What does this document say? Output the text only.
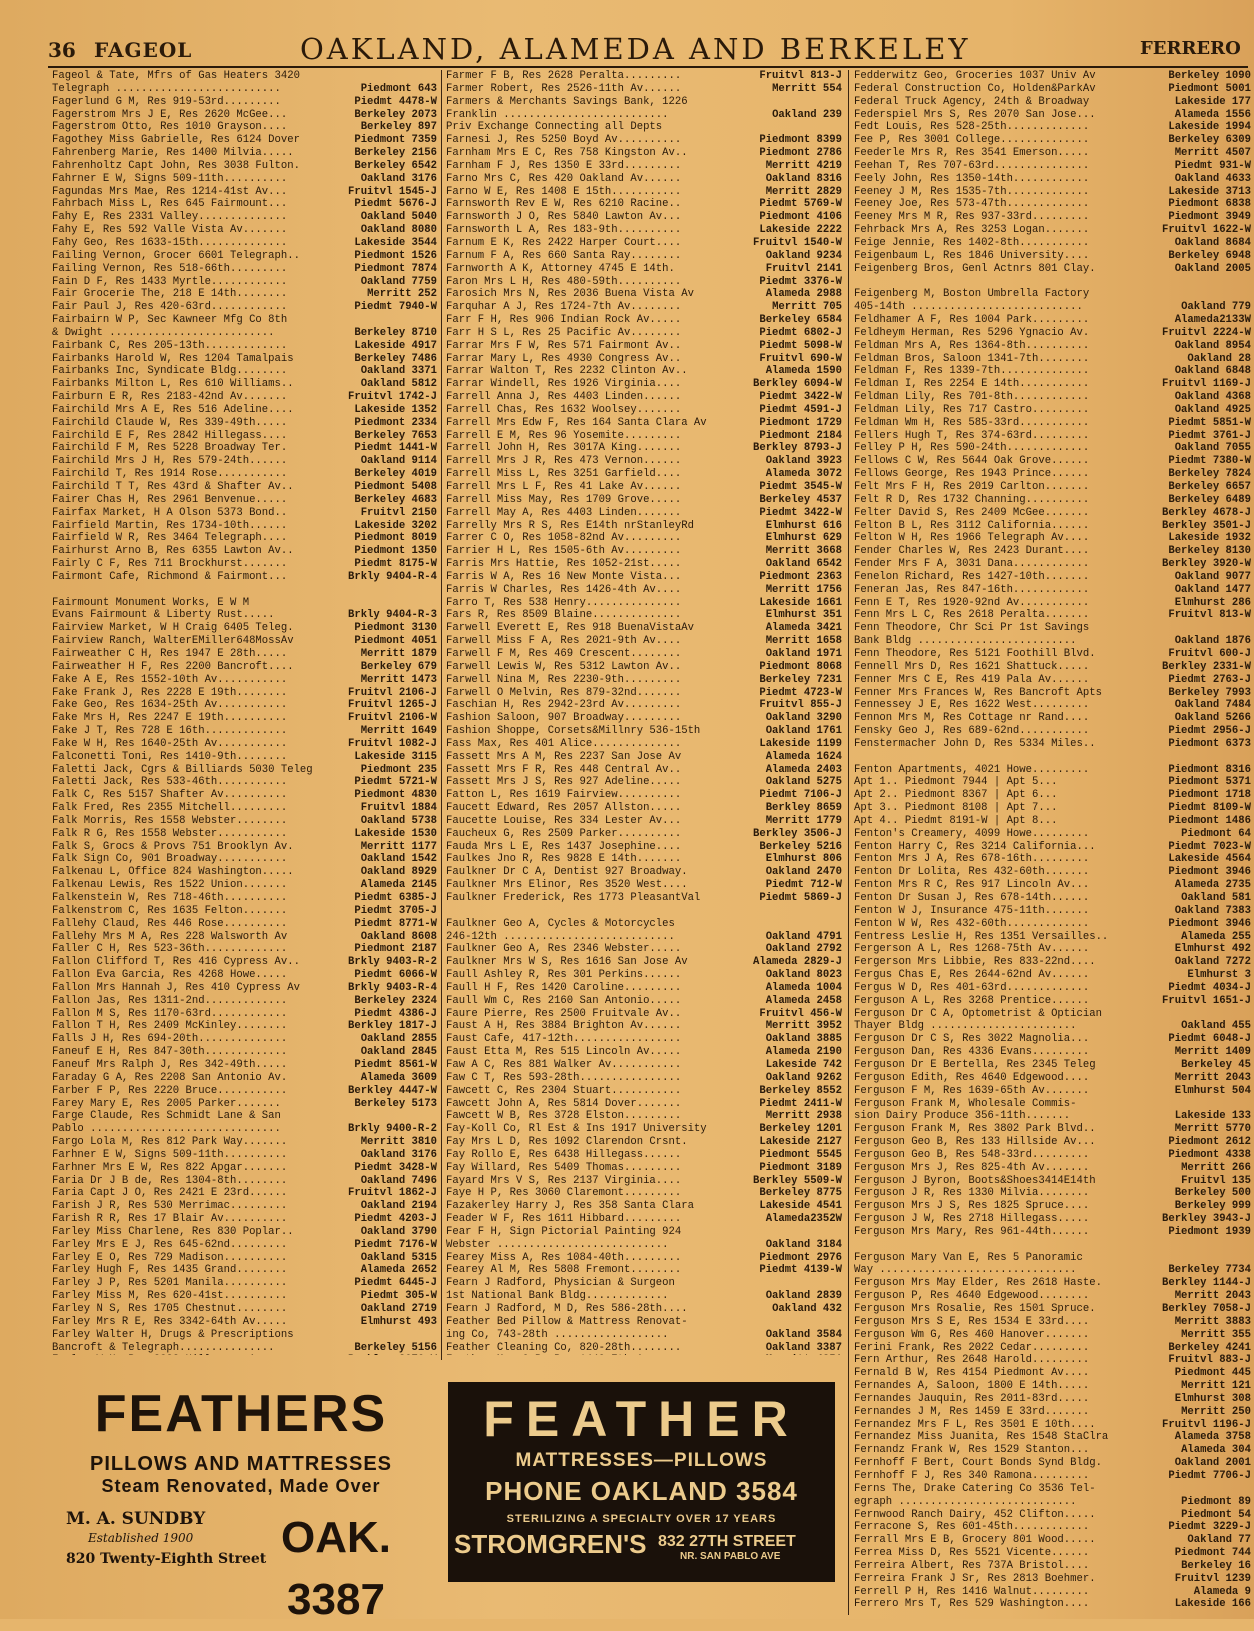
36 FAGEOL	OAKLAND, ALAMEDA AND BERKELEY	FERRERO
Fageol & Tate, Mfrs of Gas Heaters 3420
Telegraph ..........................	Piedmont 643
Fagerlund G M, Res 919-53rd.........	Piedmt 4478-W
Fagerstrom Mrs J E, Res 2620 McGee...	Berkeley 2073
Fagerstrom Otto, Res 1010 Grayson....	Berkeley 897
Fagothey Miss Gabrielle, Res 6124 Dover	Piedmont 7359
Fahrenberg Marie, Res 1400 Milvia.....	Berkeley 2156
Fahrenholtz Capt John, Res 3038 Fulton.	Berkeley 6542
Fahrner E W, Signs 509-11th..........	Oakland 3176
Fagundas Mrs Mae, Res 1214-41st Av...	Fruitvl 1545-J
Fahrbach Miss L, Res 645 Fairmount...	Piedmt 5676-J
Fahy E, Res 2331 Valley..............	Oakland 5040
Fahy E, Res 592 Valle Vista Av.......	Oakland 8080
Fahy Geo, Res 1633-15th..............	Lakeside 3544
Failing Vernon, Grocer 6601 Telegraph..	Piedmont 1526
Failing Vernon, Res 518-66th.........	Piedmont 7874
Fain D F, Res 1433 Myrtle............	Oakland 7759
Fair Grocerie The, 218 E 14th........	Merritt 252
Fair Paul J, Res 420-63rd............	Piedmt 7940-W
Fairbairn W P, Sec Kawneer Mfg Co 8th
& Dwight ..........................	Berkeley 8710
Fairbank C, Res 205-13th.............	Lakeside 4917
Fairbanks Harold W, Res 1204 Tamalpais	Berkeley 7486
Fairbanks Inc, Syndicate Bldg........	Oakland 3371
Fairbanks Milton L, Res 610 Williams..	Oakland 5812
Fairburn E R, Res 2183-42nd Av.......	Fruitvl 1742-J
Fairchild Mrs A E, Res 516 Adeline....	Lakeside 1352
Fairchild Claude W, Res 339-49th.....	Piedmont 2334
Fairchild E F, Res 2842 Hillegass....	Berkeley 7653
Fairchild F M, Res 5228 Broadway Ter.	Piedmt 1441-W
Fairchild Mrs J H, Res 579-24th......	Oakland 9114
Fairchild T, Res 1914 Rose...........	Berkeley 4019
Fairchild T T, Res 43rd & Shafter Av..	Piedmont 5408
Fairer Chas H, Res 2961 Benvenue.....	Berkeley 4683
Fairfax Market, H A Olson 5373 Bond..	Fruitvl 2150
Fairfield Martin, Res 1734-10th......	Lakeside 3202
Fairfield W R, Res 3464 Telegraph....	Piedmont 8019
Fairhurst Arno B, Res 6355 Lawton Av..	Piedmont 1350
Fairly C F, Res 711 Brockhurst.......	Piedmt 8175-W
Fairmont Cafe, Richmond & Fairmont...	Brkly 9404-R-4
Fairmount Monument Works, E W M
Evans Fairmount & Liberty Rust.....	Brkly 9404-R-3
Fairview Market, W H Craig 6405 Teleg.	Piedmont 3130
Fairview Ranch, WalterEMiller648MossAv	Piedmont 4051
Fairweather C H, Res 1947 E 28th.....	Merritt 1879
Fairweather H F, Res 2200 Bancroft....	Berkeley 679
Fake A E, Res 1552-10th Av...........	Merritt 1473
Fake Frank J, Res 2228 E 19th........	Fruitvl 2106-J
Fake Geo, Res 1634-25th Av...........	Fruitvl 1265-J
Fake Mrs H, Res 2247 E 19th..........	Fruitvl 2106-W
Fake J T, Res 728 E 16th.............	Merritt 1649
Fake W H, Res 1640-25th Av...........	Fruitvl 1082-J
Falconetti Toni, Res 1410-9th........	Lakeside 3115
Faletti Jack, Cgrs & Billiards 5030 Teleg	Piedmont 235
Faletti Jack, Res 533-46th...........	Piedmt 5721-W
Falk C, Res 5157 Shafter Av..........	Piedmont 4830
Falk Fred, Res 2355 Mitchell.........	Fruitvl 1884
Falk Morris, Res 1558 Webster........	Oakland 5738
Falk R G, Res 1558 Webster...........	Lakeside 1530
Falk S, Grocs & Provs 751 Brooklyn Av.	Merritt 1177
Falk Sign Co, 901 Broadway...........	Oakland 1542
Falkenau L, Office 824 Washington.....	Oakland 8929
Falkenau Lewis, Res 1522 Union.......	Alameda 2145
Falkenstein W, Res 718-46th..........	Piedmt 6385-J
Falkenstrom C, Res 1635 Felton.......	Piedmt 3705-J
Fallehy Claud, Res 446 Rose..........	Piedmt 8771-W
Fallehy Mrs M A, Res 228 Walsworth Av	Oakland 8608
Faller C H, Res 523-36th.............	Piedmont 2187
Fallon Clifford T, Res 416 Cypress Av..	Brkly 9403-R-2
Fallon Eva Garcia, Res 4268 Howe.....	Piedmt 6066-W
Fallon Mrs Hannah J, Res 410 Cypress Av	Brkly 9403-R-4
Fallon Jas, Res 1311-2nd.............	Berkeley 2324
Fallon M S, Res 1170-63rd............	Piedmt 4386-J
Fallon T H, Res 2409 McKinley........	Berkley 1817-J
Falls J H, Res 694-20th..............	Oakland 2855
Faneuf E H, Res 847-30th.............	Oakland 2845
Faneuf Mrs Ralph J, Res 342-49th.....	Piedmt 8561-W
Faraday G A, Res 2208 San Antonio Av.	Alameda 3609
Farber F P, Res 2220 Bruce...........	Berkley 4447-W
Farey Mary E, Res 2005 Parker.......	Berkeley 5173
Farge Claude, Res Schmidt Lane & San
Pablo ..............................	Brkly 9400-R-2
Fargo Lola M, Res 812 Park Way.......	Merritt 3810
Farhner E W, Signs 509-11th..........	Oakland 3176
Farhner Mrs E W, Res 822 Apgar.......	Piedmt 3428-W
Faria Dr J B de, Res 1304-8th........	Oakland 7496
Faria Capt J O, Res 2421 E 23rd......	Fruitvl 1862-J
Farish J R, Res 530 Merrimac.........	Oakland 2194
Farish R R, Res 17 Blair Av..........	Piedmt 4203-J
Farley Miss Charlene, Res 830 Poplar..	Oakland 3790
Farley Mrs E J, Res 645-62nd.........	Piedmt 7176-W
Farley E O, Res 729 Madison..........	Oakland 5315
Farley Hugh F, Res 1435 Grand........	Alameda 2652
Farley J P, Res 5201 Manila..........	Piedmt 6445-J
Farley Miss M, Res 620-41st..........	Piedmt 305-W
Farley N S, Res 1705 Chestnut........	Oakland 2719
Farley Mrs R E, Res 3342-64th Av.....	Elmhurst 493
Farley Walter H, Drugs & Prescriptions
Bancroft & Telegraph...............	Berkeley 5156
Farmer F B, Res 2628 Peralta.........	Fruitvl 813-J
Farmer Robert, Res 2526-11th Av......	Merritt 554
Farmers & Merchants Savings Bank, 1226
Franklin ..........................	Oakland 239
Priv Exchange Connecting all Depts
Farnesi J, Res 5250 Boyd Av..........	Piedmont 8399
Farnham Mrs E C, Res 758 Kingston Av..	Piedmont 2786
Farnham F J, Res 1350 E 33rd.........	Merritt 4219
Farno Mrs C, Res 420 Oakland Av......	Oakland 8316
Farno W E, Res 1408 E 15th...........	Merritt 2829
Farnsworth Rev E W, Res 6210 Racine..	Piedmt 5769-W
Farnsworth J O, Res 5840 Lawton Av...	Piedmont 4106
Farnsworth L A, Res 183-9th..........	Lakeside 2222
Farnum E K, Res 2422 Harper Court....	Fruitvl 1540-W
Farnum F A, Res 660 Santa Ray........	Oakland 9234
Farnworth A K, Attorney 4745 E 14th.	Fruitvl 2141
Faron Mrs L H, Res 480-59th..........	Piedmt 3376-W
Farosich Mrs N, Res 2036 Buena Vista Av	Alameda 2988
Farquhar A J, Res 1724-7th Av........	Merritt 705
Farr F H, Res 906 Indian Rock Av.....	Berkeley 6584
Farr H S L, Res 25 Pacific Av........	Piedmt 6802-J
Farrar Mrs F W, Res 571 Fairmont Av..	Piedmt 5098-W
Farrar Mary L, Res 4930 Congress Av..	Fruitvl 690-W
Farrar Walton T, Res 2232 Clinton Av..	Alameda 1590
Farrar Windell, Res 1926 Virginia....	Berkley 6094-W
Farrell Anna J, Res 4403 Linden......	Piedmt 3422-W
Farrell Chas, Res 1632 Woolsey.......	Piedmt 4591-J
Farrell Mrs Edw F, Res 164 Santa Clara Av	Piedmont 1729
Farrell E M, Res 96 Yosemite.........	Piedmont 2184
Farrell John H, Res 3017A King.......	Berkley 8793-J
Farrell Mrs J R, Res 473 Vernon......	Oakland 3923
Farrell Miss L, Res 3251 Garfield....	Alameda 3072
Farrell Mrs L F, Res 41 Lake Av......	Piedmt 3545-W
Farrell Miss May, Res 1709 Grove.....	Berkeley 4537
Farrell May A, Res 4403 Linden.......	Piedmt 3422-W
Farrelly Mrs R S, Res E14th nrStanleyRd	Elmhurst 616
Farrer C O, Res 1058-82nd Av.........	Elmhurst 629
Farrier H L, Res 1505-6th Av.........	Merritt 3668
Farris Mrs Hattie, Res 1052-21st.....	Oakland 6542
Farris W A, Res 16 New Monte Vista...	Piedmont 2363
Farris W Charles, Res 1426-4th Av....	Merritt 1756
Farro T, Res 538 Henry...............	Lakeside 1661
Fars R, Res 8509 Blaine..............	Elmhurst 351
Farwell Everett E, Res 918 BuenaVistaAv	Alameda 3421
Farwell Miss F A, Res 2021-9th Av....	Merritt 1658
Farwell F M, Res 469 Crescent........	Oakland 1971
Farwell Lewis W, Res 5312 Lawton Av..	Piedmont 8068
Farwell Nina M, Res 2230-9th.........	Berkeley 7231
Farwell O Melvin, Res 879-32nd.......	Piedmt 4723-W
Faschian H, Res 2942-23rd Av.........	Fruitvl 855-J
Fashion Saloon, 907 Broadway.........	Oakland 3290
Fashion Shoppe, Corsets&Millnry 536-15th	Oakland 1761
Fass Max, Res 401 Alice..............	Lakeside 1199
Fassett Mrs A M, Res 2237 San Jose Av	Alameda 1624
Fassett Mrs F R, Res 448 Central Av..	Alameda 2403
Fassett Mrs J S, Res 927 Adeline.....	Oakland 5275
Fatton L, Res 1619 Fairview..........	Piedmt 7106-J
Faucett Edward, Res 2057 Allston.....	Berkley 8659
Faucette Louise, Res 334 Lester Av...	Merritt 1779
Faucheux G, Res 2509 Parker..........	Berkley 3506-J
Fauda Mrs L E, Res 1437 Josephine....	Berkeley 5216
Faulkes Jno R, Res 9828 E 14th.......	Elmhurst 806
Faulkner Dr C A, Dentist 927 Broadway.	Oakland 2470
Faulkner Mrs Elinor, Res 3520 West....	Piedmt 712-W
Faulkner Frederick, Res 1773 PleasantVal	Piedmt 5869-J
Faulkner Geo A, Cycles & Motorcycles
246-12th ...........................	Oakland 4791
Faulkner Geo A, Res 2346 Webster.....	Oakland 2792
Faulkner Mrs W S, Res 1616 San Jose Av	Alameda 2829-J
Faull Ashley R, Res 301 Perkins......	Oakland 8023
Faull H F, Res 1420 Caroline.........	Alameda 1004
Faull Wm C, Res 2160 San Antonio.....	Alameda 2458
Faure Pierre, Res 2500 Fruitvale Av..	Fruitvl 456-W
Faust A H, Res 3884 Brighton Av......	Merritt 3952
Faust Cafe, 417-12th.................	Oakland 3885
Faust Etta M, Res 515 Lincoln Av.....	Alameda 2190
Faw A C, Res 881 Walker Av...........	Lakeside 742
Faw C T, Res 593-28th................	Oakland 9262
Fawcett C, Res 2304 Stuart...........	Berkeley 8552
Fawcett John A, Res 5814 Dover.......	Piedmt 2411-W
Fawcett W B, Res 3728 Elston.........	Merritt 2938
Fay-Koll Co, Rl Est & Ins 1917 University	Berkeley 1201
Fay Mrs L D, Res 1092 Clarendon Crsnt.	Lakeside 2127
Fay Rollo E, Res 6438 Hillegass......	Piedmont 5545
Fay Willard, Res 5409 Thomas.........	Piedmont 3189
Fayard Mrs V S, Res 2137 Virginia....	Berkley 5509-W
Faye H P, Res 3060 Claremont.........	Berkeley 8775
Fazakerley Harry J, Res 358 Santa Clara	Lakeside 4541
Feader W F, Res 1611 Hibbard.........	Alameda2352W
Fear F H, Sign Pictorial Painting 924
Webster ...........................	Oakland 3184
Fearey Miss A, Res 1084-40th.........	Piedmont 2976
Fearey Al M, Res 5808 Fremont........	Piedmt 4139-W
Fearn J Radford, Physician & Surgeon
1st National Bank Bldg.............	Oakland 2839
Fearn J Radford, M D, Res 586-28th....	Oakland 432
Feather Bed Pillow & Mattress Renovat-
ing Co, 743-28th ..................	Oakland 3584
Feather Cleaning Co, 820-28th........	Oakland 3387
Fedderwitz Geo, Groceries 1037 Univ Av	Berkeley 1090
Federal Construction Co, Holden&ParkAv	Piedmont 5001
Federal Truck Agency, 24th & Broadway	Lakeside 177
Federspiel Mrs S, Res 2070 San Jose...	Alameda 1556
Fedt Louis, Res 528-25th.............	Lakeside 1994
Fee P, Res 3001 College..............	Berkeley 6309
Feederle Mrs R, Res 3541 Emerson.....	Merritt 4507
Feehan T, Res 707-63rd...............	Piedmt 931-W
Feely John, Res 1350-14th............	Oakland 4633
Feeney J M, Res 1535-7th.............	Lakeside 3713
Feeney Joe, Res 573-47th.............	Piedmont 6838
Feeney Mrs M R, Res 937-33rd.........	Piedmont 3949
Fehrback Mrs A, Res 3253 Logan.......	Fruitvl 1622-W
Feige Jennie, Res 1402-8th...........	Oakland 8684
Feigenbaum L, Res 1846 University....	Berkeley 6948
Feigenberg Bros, Genl Actnrs 801 Clay.	Oakland 2005
Feigenberg M, Boston Umbrella Factory
405-14th ...........................	Oakland 779
Feldhamer A F, Res 1004 Park.........	Alameda2133W
Feldheym Herman, Res 5296 Ygnacio Av.	Fruitvl 2224-W
Feldman Mrs A, Res 1364-8th..........	Oakland 8954
Feldman Bros, Saloon 1341-7th........	Oakland 28
Feldman F, Res 1339-7th..............	Oakland 6848
Feldman I, Res 2254 E 14th...........	Fruitvl 1169-J
Feldman Lily, Res 701-8th............	Oakland 4368
Feldman Lily, Res 717 Castro.........	Oakland 4925
Feldman Wm H, Res 585-33rd...........	Piedmt 5851-W
Fellers Hugh T, Res 374-63rd.........	Piedmt 3761-J
Felley P H, Res 590-24th.............	Oakland 7055
Fellows C W, Res 5644 Oak Grove......	Piedmt 7380-W
Fellows George, Res 1943 Prince......	Berkeley 7824
Felt Mrs F H, Res 2019 Carlton.......	Berkeley 6657
Felt R D, Res 1732 Channing..........	Berkeley 6489
Felter David S, Res 2409 McGee.......	Berkley 4678-J
Felton B L, Res 3112 California......	Berkley 3501-J
Felton W H, Res 1966 Telegraph Av....	Lakeside 1932
Fender Charles W, Res 2423 Durant....	Berkeley 8130
Fender Mrs F A, 3031 Dana............	Berkley 3920-W
Fenelon Richard, Res 1427-10th.......	Oakland 9077
Feneran Jas, Res 847-16th............	Oakland 1477
Fenn E T, Res 1920-92nd Av...........	Elmhurst 286
Fenn Mrs L C, Res 2618 Peralta.......	Fruitvl 813-W
Fenn Theodore, Chr Sci Pr 1st Savings
Bank Bldg .........................	Oakland 1876
Fenn Theodore, Res 5121 Foothill Blvd.	Fruitvl 600-J
Fennell Mrs D, Res 1621 Shattuck.....	Berkley 2331-W
Fenner Mrs C E, Res 419 Pala Av......	Piedmt 2763-J
Fenner Mrs Frances W, Res Bancroft Apts	Berkeley 7993
Fennessey J E, Res 1622 West.........	Oakland 7484
Fennon Mrs M, Res Cottage nr Rand....	Oakland 5266
Fensky Geo J, Res 689-62nd...........	Piedmt 2956-J
Fenstermacher John D, Res 5334 Miles..	Piedmont 6373
Fenton Apartments, 4021 Howe.........	Piedmont 8316
Apt 1.. Piedmont 7944 | Apt 5...	Piedmont 5371
Apt 2.. Piedmont 8367 | Apt 6...	Piedmont 1718
Apt 3.. Piedmont 8108 | Apt 7...	Piedmt 8109-W
Apt 4.. Piedmt 8191-W | Apt 8...	Piedmont 1486
Fenton's Creamery, 4099 Howe.........	Piedmont 64
Fenton Harry C, Res 3214 California...	Piedmt 7023-W
Fenton Mrs J A, Res 678-16th.........	Lakeside 4564
Fenton Dr Lolita, Res 432-60th.......	Piedmont 3946
Fenton Mrs R C, Res 917 Lincoln Av...	Alameda 2735
Fenton Dr Susan J, Res 678-14th......	Oakland 581
Fenton W J, Insurance 475-11th.......	Oakland 7383
Fenton W W, Res 432-60th.............	Piedmont 3946
Fentress Leslie H, Res 1351 Versailles..	Alameda 255
Fergerson A L, Res 1268-75th Av......	Elmhurst 492
Fergerson Mrs Libbie, Res 833-22nd....	Oakland 7272
Fergus Chas E, Res 2644-62nd Av......	Elmhurst 3
Fergus W D, Res 401-63rd.............	Piedmt 4034-J
Ferguson A L, Res 3268 Prentice......	Fruitvl 1651-J
Ferguson Dr C A, Optometrist & Optician
Thayer Bldg .......................	Oakland 455
Ferguson Dr C S, Res 3022 Magnolia...	Piedmt 6048-J
Ferguson Dan, Res 4336 Evans.........	Merritt 1409
Ferguson Dr E Bertella, Res 2345 Teleg	Berkeley 45
Ferguson Edith, Res 4640 Edgewood....	Merritt 2043
Ferguson F M, Res 1639-65th Av.......	Elmhurst 504
Ferguson Frank M, Wholesale Commis-
sion Dairy Produce 356-11th.......	Lakeside 133
Ferguson Frank M, Res 3802 Park Blvd..	Merritt 5770
Ferguson Geo B, Res 133 Hillside Av...	Piedmont 2612
Ferguson Geo B, Res 548-33rd.........	Piedmont 4338
Ferguson Mrs J, Res 825-4th Av.......	Merritt 266
Ferguson J Byron, Boots&Shoes3414E14th	Fruitvl 135
Ferguson J R, Res 1330 Milvia........	Berkeley 500
Ferguson Mrs J S, Res 1825 Spruce....	Berkeley 999
Ferguson J W, Res 2718 Hillegass.....	Berkley 3943-J
Ferguson Mrs Mary, Res 961-44th......	Piedmont 1939
Ferguson Mary Van E, Res 5 Panoramic
Way ...............................	Berkeley 7734
Ferguson Mrs May Elder, Res 2618 Haste.	Berkley 1144-J
Ferguson P, Res 4640 Edgewood........	Merritt 2043
Ferguson Mrs Rosalie, Res 1501 Spruce.	Berkley 7058-J
Ferguson Mrs S E, Res 1534 E 33rd....	Merritt 3883
Ferguson Wm G, Res 460 Hanover.......	Merritt 355
Ferini Frank, Res 2022 Cedar.........	Berkeley 4241
Fern Arthur, Res 2648 Harold.........	Fruitvl 883-J
Fernald B W, Res 4154 Piedmont Av....	Piedmont 445
Fernandes A, Saloon, 1800 E 14th.....	Merritt 121
Fernandes Jauquin, Res 2011-83rd.....	Elmhurst 308
Fernandes J M, Res 1459 E 33rd.......	Merritt 250
Fernandez Mrs F L, Res 3501 E 10th....	Fruitvl 1196-J
Fernandez Miss Juanita, Res 1548 StaClra	Alameda 3758
Fernandz Frank W, Res 1529 Stanton...	Alameda 304
Fernhoff F Bert, Court Bonds Synd Bldg.	Oakland 2001
Fernhoff F J, Res 340 Ramona.........	Piedmt 7706-J
Ferns The, Drake Catering Co 3536 Tel-
egraph ............................	Piedmont 89
Fernwood Ranch Dairy, 452 Clifton.....	Piedmont 54
Ferracone S, Res 601-45th............	Piedmt 3229-J
Ferrall Mrs E B, Grocery 801 Wood.....	Oakland 77
Ferrea Miss D, Res 5521 Vicente......	Piedmont 744
Ferreira Albert, Res 737A Bristol....	Berkeley 16
Ferreira Frank J Sr, Res 2813 Boehmer.	Fruitvl 1239
Ferrell P H, Res 1416 Walnut.........	Alameda 9
Ferrero Mrs T, Res 529 Washington....	Lakeside 166
FEATHERS
PILLOWS AND MATTRESSES
Steam Renovated, Made Over
M. A. SUNDBY
Established 1900
820 Twenty-Eighth Street OAK. 3387
FEATHER
MATTRESSES—PILLOWS
PHONE OAKLAND 3584
STERILIZING A SPECIALTY OVER 17 YEARS
STROMGREN'S 832 27TH STREET
NR. SAN PABLO AVE
